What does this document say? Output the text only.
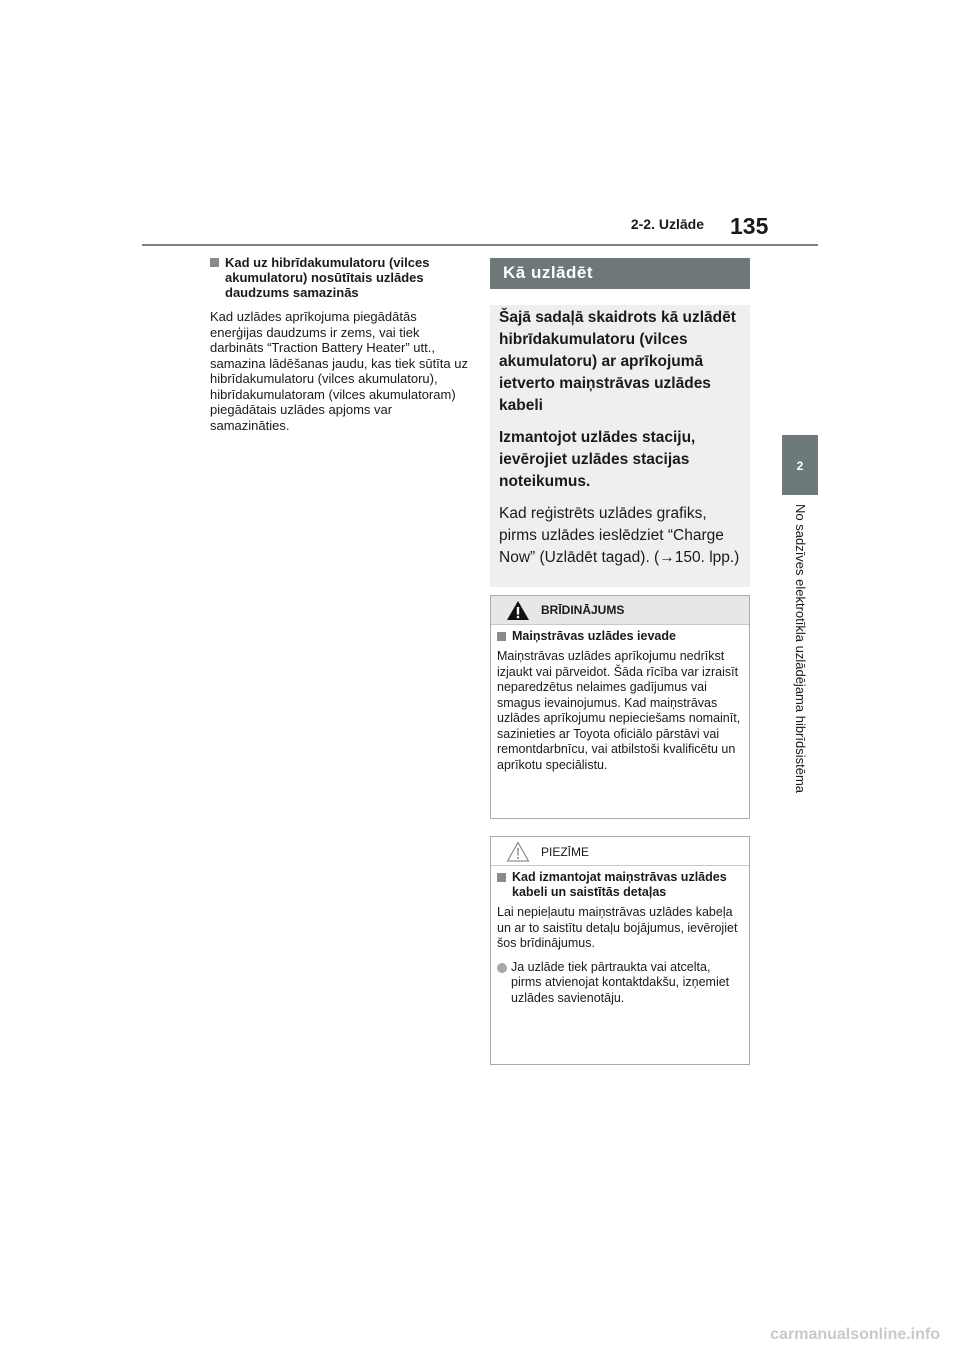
2-2. Uzlāde 135
2
No sadzīves elektrotīkla uzlādējama hibrīdsistēma
Kad uz hibrīdakumulatoru (vilces akumulatoru) nosūtītais uzlādes daudzums samazinās
Kad uzlādes aprīkojuma piegādātās enerģijas daudzums ir zems, vai tiek darbināts “Traction Battery Heater” utt., samazina lādēšanas jaudu, kas tiek sūtīta uz hibrīdakumulatoru (vilces akumulatoru), hibrīdakumulatoram (vilces akumulatoram) piegādātais uzlādes apjoms var samazināties.
Kā uzlādēt

Šajā sadaļā skaidrots kā uzlādēt hibrīdakumulatoru (vilces akumulatoru) ar aprīkojumā ietverto maiņstrāvas uzlādes kabeli

Izmantojot uzlādes staciju, ievērojiet uzlādes stacijas noteikumus.

Kad reģistrēts uzlādes grafiks, pirms uzlādes ieslēdziet “Charge Now” (Uzlādēt tagad). (→150. lpp.)

BRĪDINĀJUMS
Maiņstrāvas uzlādes ievade
Maiņstrāvas uzlādes aprīkojumu nedrīkst izjaukt vai pārveidot. Šāda rīcība var izraisīt neparedzētus nelaimes gadījumus vai smagus ievainojumus. Kad maiņstrāvas uzlādes aprīkojumu nepieciešams nomainīt, sazinieties ar Toyota oficiālo pārstāvi vai remontdarbnīcu, vai atbilstoši kvalificētu un aprīkotu speciālistu.
PIEZĪME
Kad izmantojat maiņstrāvas uzlādes kabeli un saistītās detaļas
Lai nepieļautu maiņstrāvas uzlādes kabeļa un ar to saistītu detaļu bojājumus, ievērojiet šos brīdinājumus.
Ja uzlāde tiek pārtraukta vai atcelta, pirms atvienojat kontaktdakšu, izņemiet uzlādes savienotāju.
carmanualsonline.info
